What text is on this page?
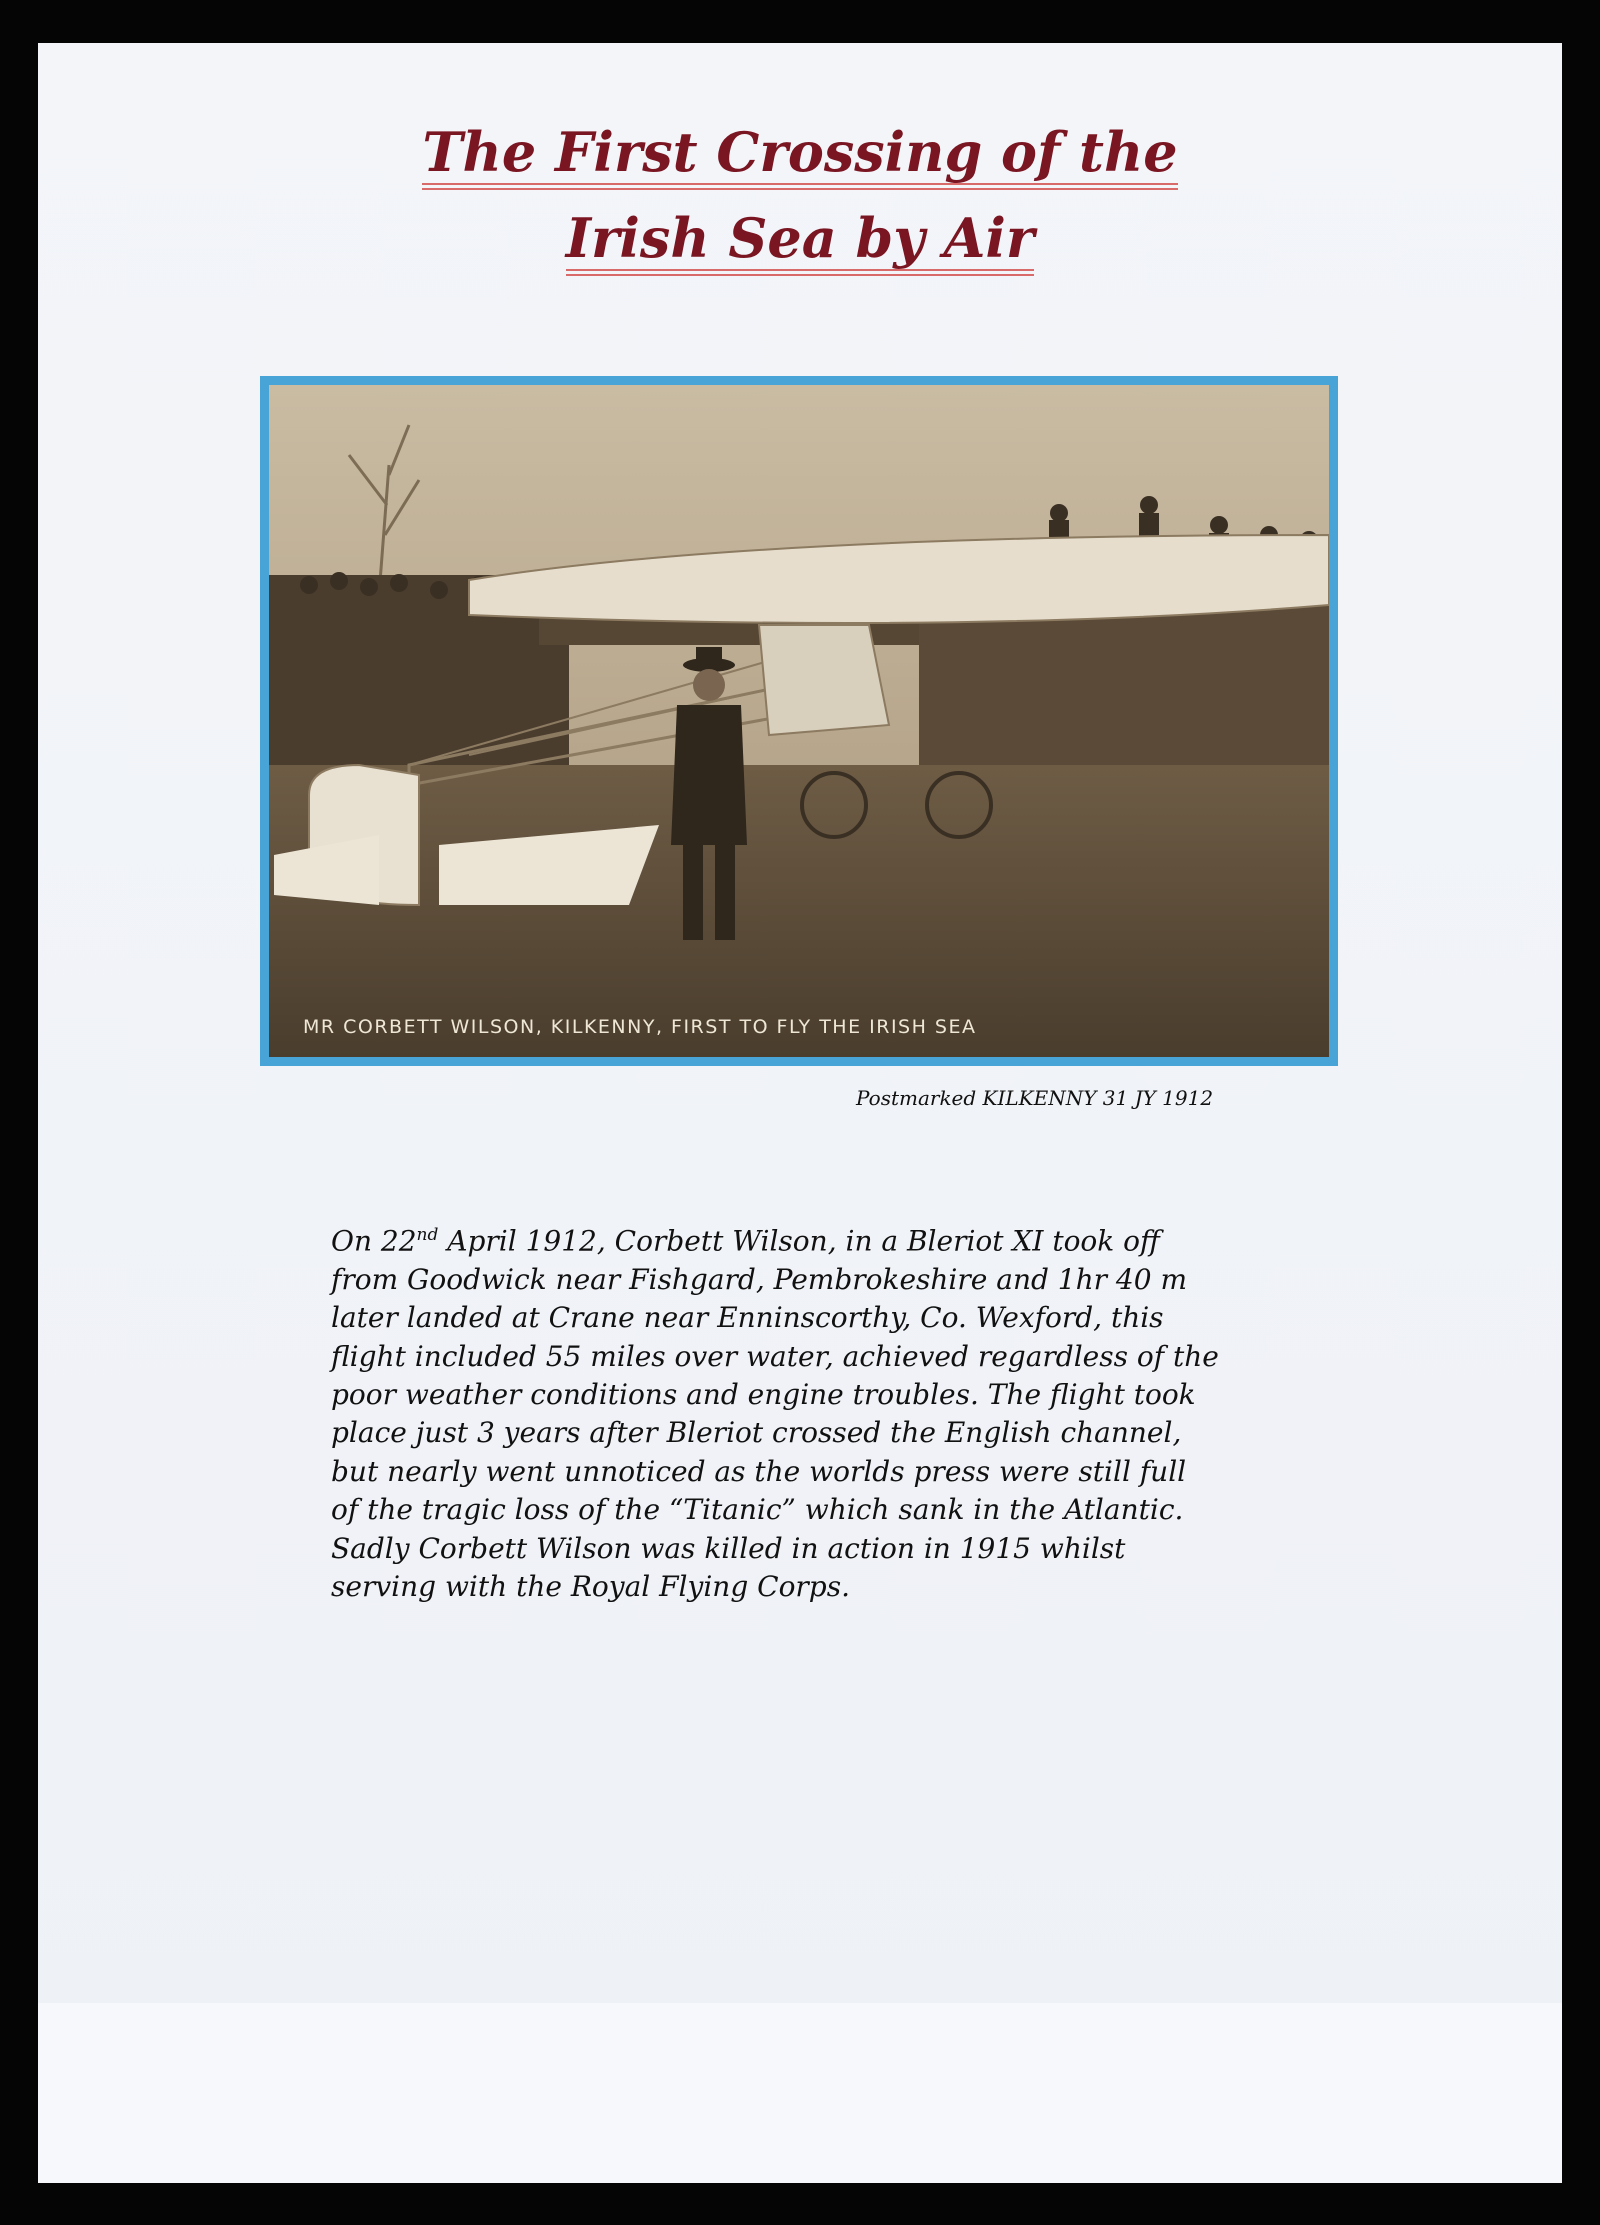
The First Crossing of the
Irish Sea by Air
MR CORBETT WILSON, KILKENNY, FIRST TO FLY THE IRISH SEA
Postmarked KILKENNY 31 JY 1912

On 22nd April 1912, Corbett Wilson, in a Bleriot XI took off

from Goodwick near Fishgard, Pembrokeshire and 1hr 40 m

later landed at Crane near Enninscorthy, Co. Wexford, this

flight included 55 miles over water, achieved regardless of the

poor weather conditions and engine troubles. The flight took

place just 3 years after Bleriot crossed the English channel,

but nearly went unnoticed as the worlds press were still full

of the tragic loss of the “Titanic” which sank in the Atlantic.

Sadly Corbett Wilson was killed in action in 1915 whilst

serving with the Royal Flying Corps.
